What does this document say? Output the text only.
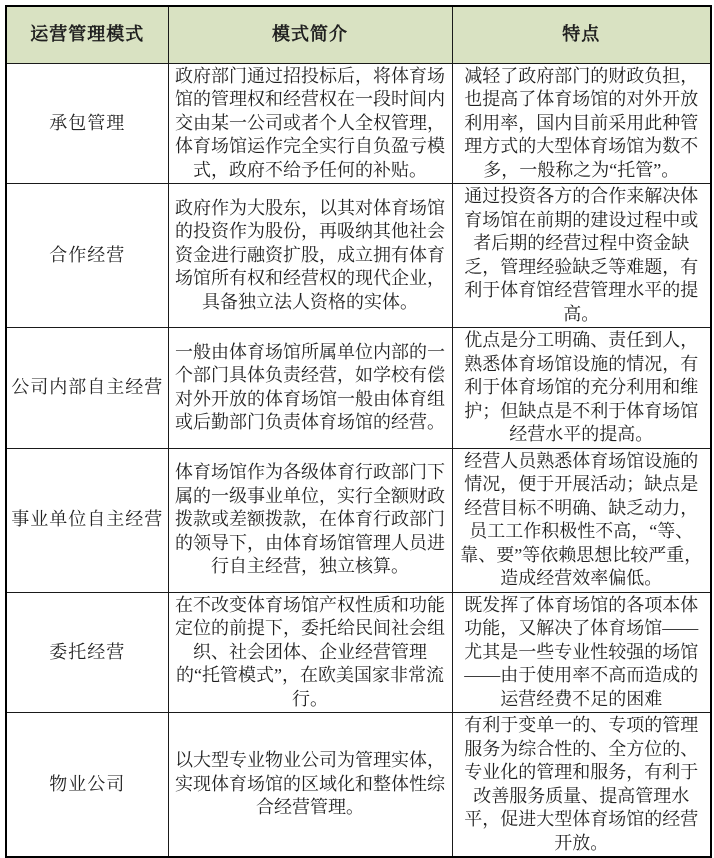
运营管理模式	模式简介	特点
承包管理	政府部门通过招投标后，将体育场馆的管理权和经营权在一段时间内交由某一公司或者个人全权管理，体育场馆运作完全实行自负盈亏模式，政府不给予任何的补贴。	减轻了政府部门的财政负担，也提高了体育场馆的对外开放利用率，国内目前采用此种管理方式的大型体育场馆为数不多，一般称之为“托管”。
合作经营	政府作为大股东，以其对体育场馆的投资作为股份，再吸纳其他社会资金进行融资扩股，成立拥有体育场馆所有权和经营权的现代企业，具备独立法人资格的实体。	通过投资各方的合作来解决体育场馆在前期的建设过程中或者后期的经营过程中资金缺乏，管理经验缺乏等难题，有利于体育馆经营管理水平的提高。
公司内部自主经营	一般由体育场馆所属单位内部的一个部门具体负责经营，如学校有偿对外开放的体育场馆一般由体育组或后勤部门负责体育场馆的经营。	优点是分工明确、责任到人，熟悉体育场馆设施的情况，有利于体育场馆的充分利用和维护；但缺点是不利于体育场馆经营水平的提高。
事业单位自主经营	体育场馆作为各级体育行政部门下属的一级事业单位，实行全额财政拨款或差额拨款，在体育行政部门的领导下，由体育场馆管理人员进行自主经营，独立核算。	经营人员熟悉体育场馆设施的情况，便于开展活动；缺点是经营目标不明确、缺乏动力，员工工作积极性不高，“等、靠、要”等依赖思想比较严重，造成经营效率偏低。
委托经营	在不改变体育场馆产权性质和功能定位的前提下，委托给民间社会组织、社会团体、企业经营管理的“托管模式”，在欧美国家非常流行。	既发挥了体育场馆的各项本体功能，又解决了体育场馆——尤其是一些专业性较强的场馆——由于使用率不高而造成的运营经费不足的困难
物业公司	以大型专业物业公司为管理实体，实现体育场馆的区域化和整体性综合经营管理。	有利于变单一的、专项的管理服务为综合性的、全方位的、专业化的管理和服务，有利于改善服务质量、提高管理水平，促进大型体育场馆的经营开放。
